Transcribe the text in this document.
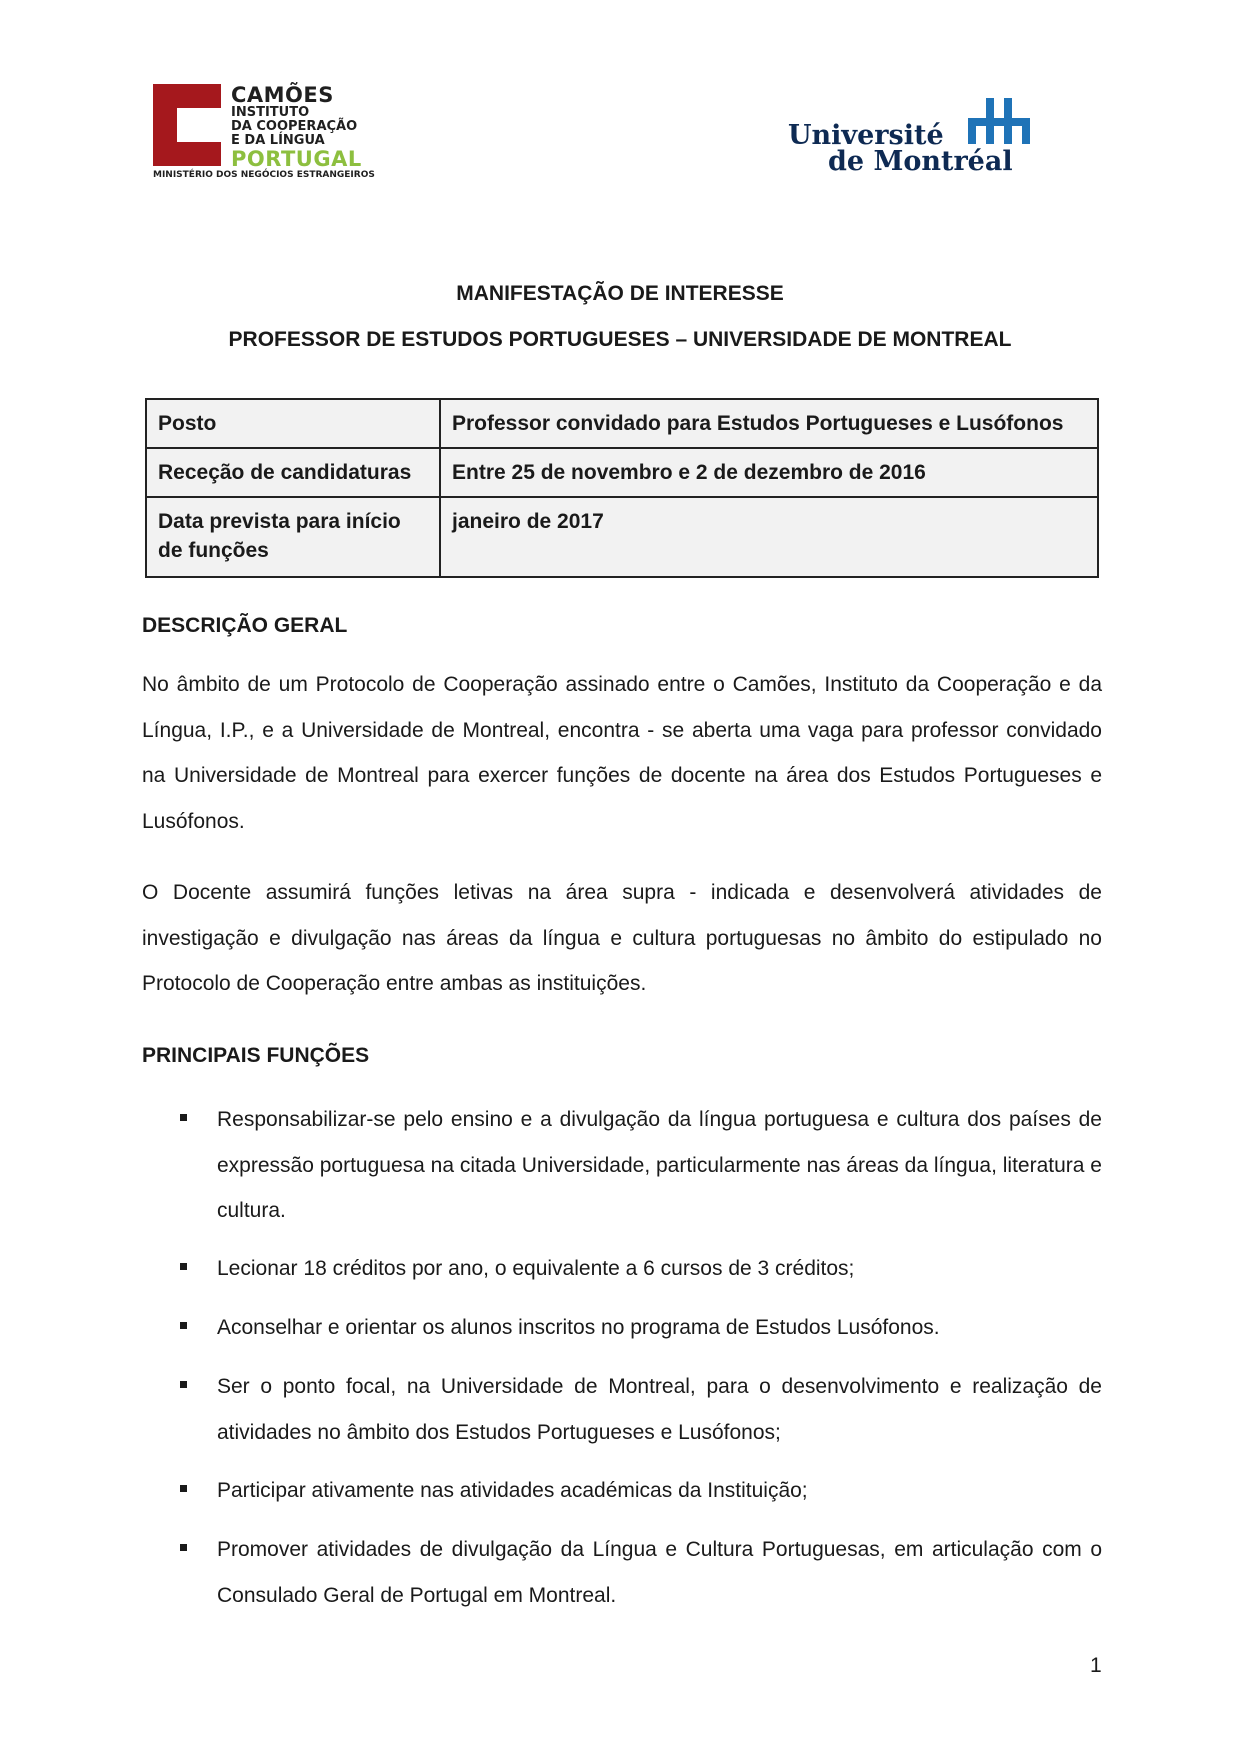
CAMÕES
INSTITUTO
DA COOPERAÇÃO
E DA LÍNGUA
PORTUGAL
MINISTÉRIO DOS NEGÓCIOS ESTRANGEIROS
Université
de Montréal
MANIFESTAÇÃO DE INTERESSE
PROFESSOR DE ESTUDOS PORTUGUESES – UNIVERSIDADE DE MONTREAL
Posto	Professor convidado para Estudos Portugueses e Lusófonos
Receção de candidaturas	Entre 25 de novembro e 2 de dezembro de 2016
Data prevista para início de funções	janeiro de 2017
DESCRIÇÃO GERAL

No âmbito de um Protocolo de Cooperação assinado entre o Camões, Instituto da Cooperação e da Língua, I.P., e a Universidade de Montreal, encontra - se aberta uma vaga para professor convidado na Universidade de Montreal para exercer funções de docente na área dos Estudos Portugueses e Lusófonos.

O Docente assumirá funções letivas na área supra - indicada e desenvolverá atividades de investigação e divulgação nas áreas da língua e cultura portuguesas no âmbito do estipulado no Protocolo de Cooperação entre ambas as instituições.

PRINCIPAIS FUNÇÕES
Responsabilizar-se pelo ensino e a divulgação da língua portuguesa e cultura dos países de expressão portuguesa na citada Universidade, particularmente nas áreas da língua, literatura e cultura.
Lecionar 18 créditos por ano, o equivalente a 6 cursos de 3 créditos;
Aconselhar e orientar os alunos inscritos no programa de Estudos Lusófonos.
Ser o ponto focal, na Universidade de Montreal, para o desenvolvimento e realização de atividades no âmbito dos Estudos Portugueses e Lusófonos;
Participar ativamente nas atividades académicas da Instituição;
Promover atividades de divulgação da Língua e Cultura Portuguesas, em articulação com o Consulado Geral de Portugal em Montreal.
1
